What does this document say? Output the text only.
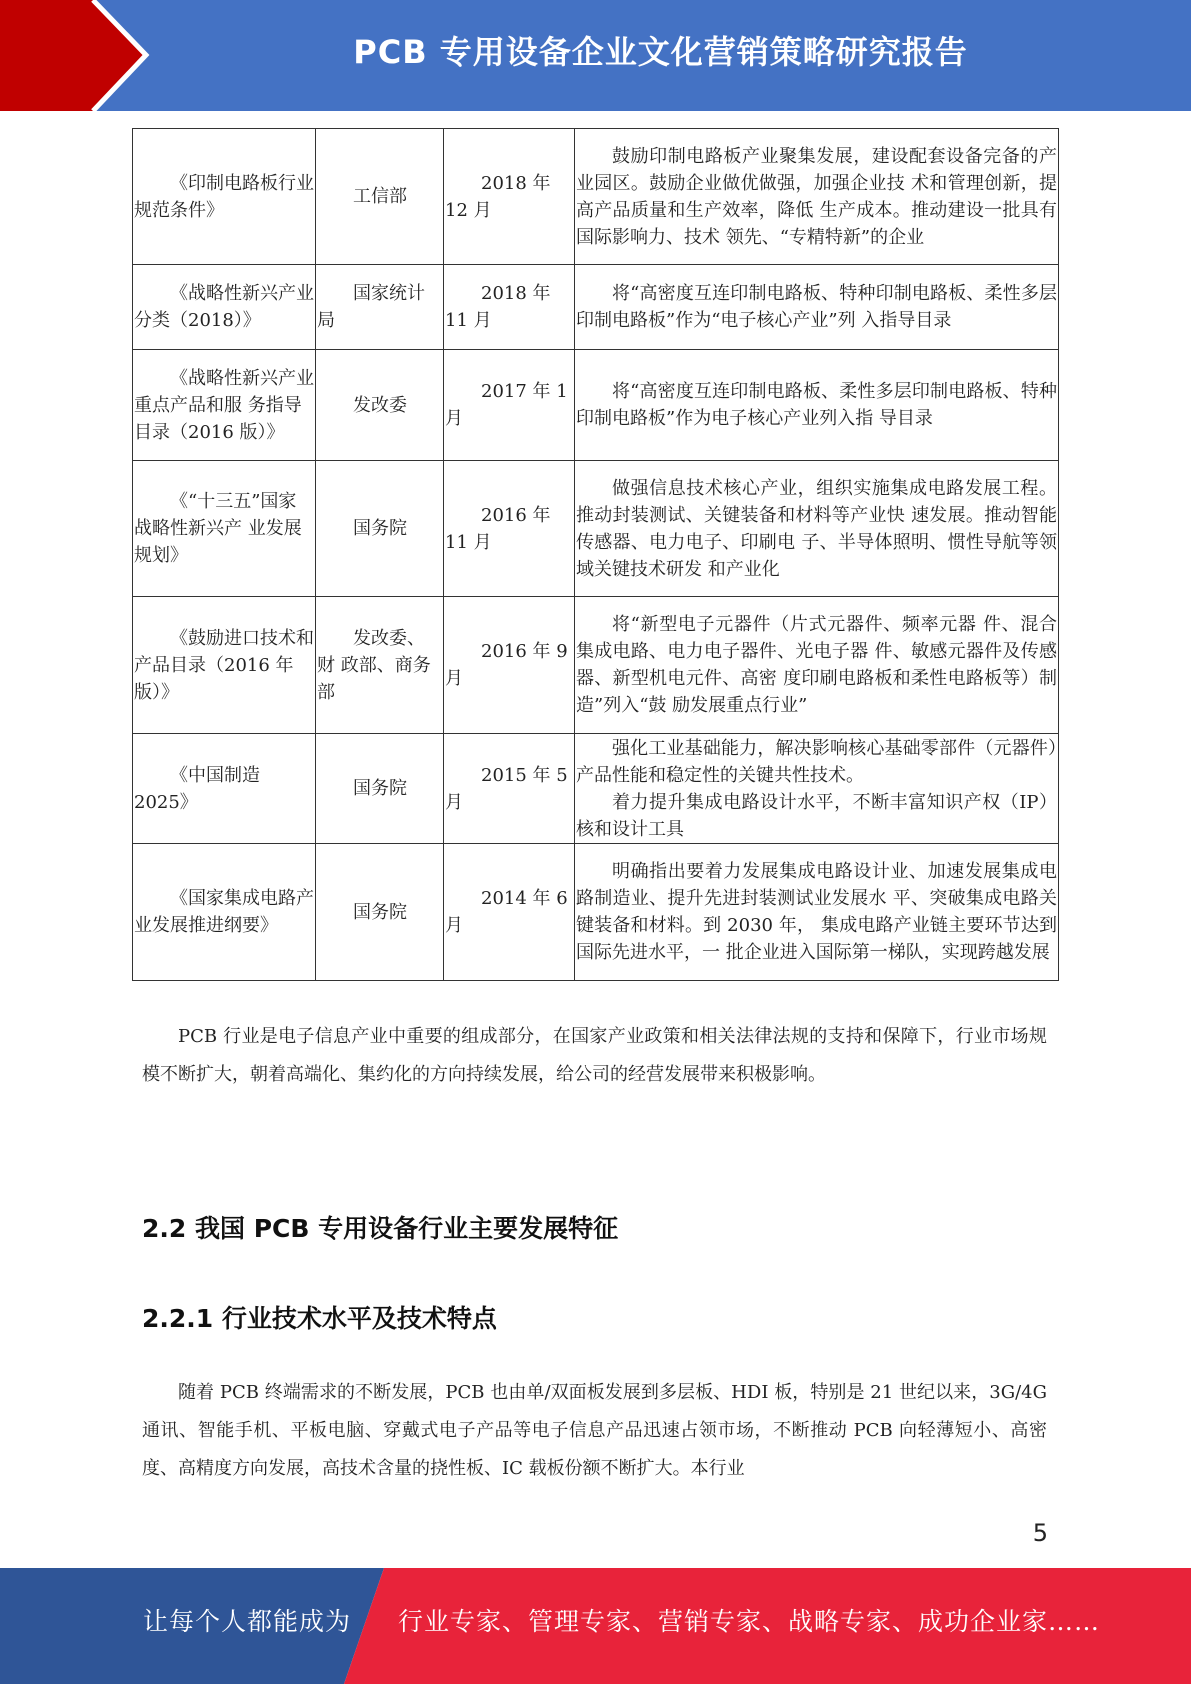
PCB 专用设备企业文化营销策略研究报告
《印制电路板行业规范条件》	工信部	2018 年 12 月	鼓励印制电路板产业聚集发展，建设配套设备完备的产业园区。鼓励企业做优做强，加强企业技 术和管理创新，提高产品质量和生产效率，降低 生产成本。推动建设一批具有国际影响力、技术 领先、“专精特新”的企业

《战略性新兴产业分类（2018）》	国家统计局	2018 年 11 月	将“高密度互连印制电路板、特种印制电路板、柔性多层印制电路板”作为“电子核心产业”列 入指导目录

《战略性新兴产业重点产品和服 务指导目录（2016 版）》	发改委	2017 年 1 月	将“高密度互连印制电路板、柔性多层印制电路板、特种印制电路板”作为电子核心产业列入指 导目录

《“十三五”国家战略性新兴产 业发展规划》	国务院	2016 年 11 月	做强信息技术核心产业，组织实施集成电路发展工程。推动封装测试、关键装备和材料等产业快 速发展。推动智能传感器、电力电子、印刷电 子、半导体照明、惯性导航等领域关键技术研发 和产业化

《鼓励进口技术和产品目录（2016 年版）》	发改委、财 政部、商务 部	2016 年 9 月	将“新型电子元器件（片式元器件、频率元器 件、混合集成电路、电力电子器件、光电子器 件、敏感元器件及传感器、新型机电元件、高密 度印刷电路板和柔性电路板等）制造”列入“鼓 励发展重点行业”

《中国制造 2025》	国务院	2015 年 5 月	强化工业基础能力，解决影响核心基础零部件（元器件）产品性能和稳定性的关键共性技术。
着力提升集成电路设计水平，不断丰富知识产权（IP）核和设计工具

《国家集成电路产业发展推进纲要》	国务院	2014 年 6 月	明确指出要着力发展集成电路设计业、加速发展集成电路制造业、提升先进封装测试业发展水 平、突破集成电路关键装备和材料。到 2030 年， 集成电路产业链主要环节达到国际先进水平，一 批企业进入国际第一梯队，实现跨越发展

PCB 行业是电子信息产业中重要的组成部分，在国家产业政策和相关法律法规的支持和保障下，行业市场规模不断扩大，朝着高端化、集约化的方向持续发展，给公司的经营发展带来积极影响。

2.2 我国 PCB 专用设备行业主要发展特征
2.2.1 行业技术水平及技术特点

随着 PCB 终端需求的不断发展，PCB 也由单/双面板发展到多层板、HDI 板，特别是 21 世纪以来，3G/4G 通讯、智能手机、平板电脑、穿戴式电子产品等电子信息产品迅速占领市场，不断推动 PCB 向轻薄短小、高密度、高精度方向发展，高技术含量的挠性板、IC 载板份额不断扩大。本行业

5
让每个人都能成为 行业专家、管理专家、营销专家、战略专家、成功企业家……
